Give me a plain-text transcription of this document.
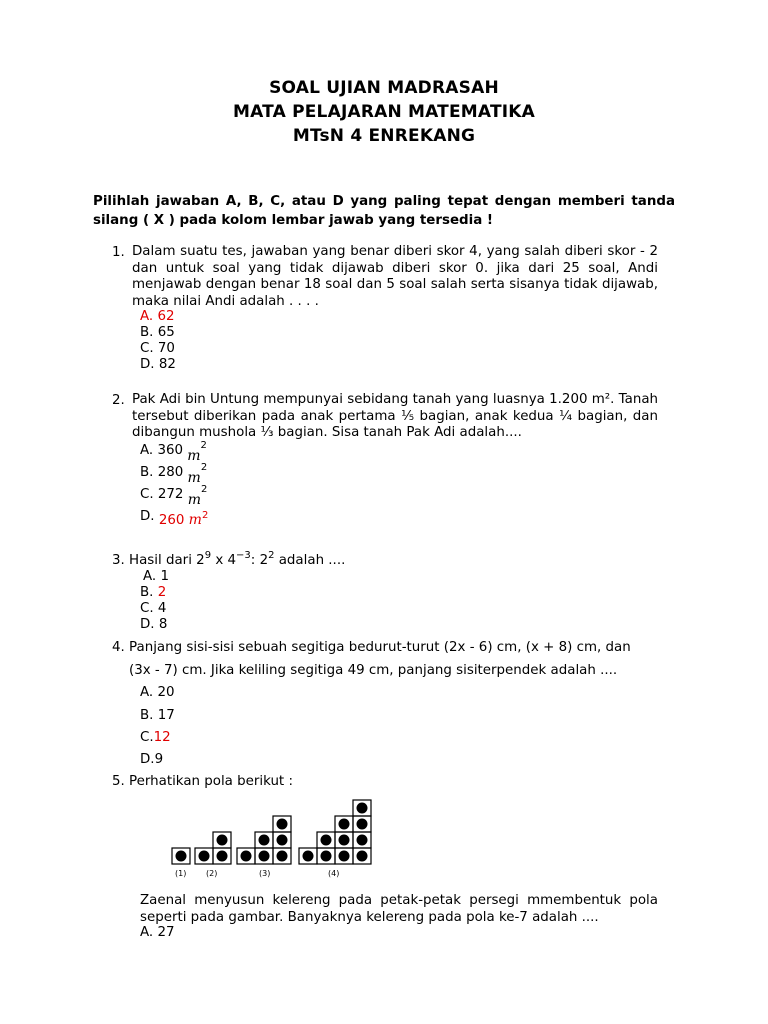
SOAL UJIAN MADRASAH
MATA PELAJARAN MATEMATIKA
MTsN 4 ENREKANG
Pilihlah jawaban A, B, C, atau D yang paling tepat dengan memberi tanda silang ( X ) pada kolom lembar jawab yang tersedia !
1. Dalam suatu tes, jawaban yang benar diberi skor 4, yang salah diberi skor - 2 dan untuk soal yang tidak dijawab diberi skor 0. jika dari 25 soal, Andi menjawab dengan benar 18 soal dan 5 soal salah serta sisanya tidak dijawab, maka nilai Andi adalah . . . .
A. 62
B. 65
C. 70
D. 82
2. Pak Adi bin Untung mempunyai sebidang tanah yang luasnya 1.200 m². Tanah tersebut diberikan pada anak pertama ⅕ bagian, anak kedua ¼ bagian, dan dibangun mushola ⅓ bagian. Sisa tanah Pak Adi adalah....
A. 360 $m^2$
B. 280 $m^2$
C. 272 $m^2$
D. 260 $m^2$
3. Hasil dari $2^9$ x $4^{-3}$: $2^2$ adalah ....
A. 1
B. 2
C. 4
D. 8
4. Panjang sisi-sisi sebuah segitiga bedurut-turut (2x - 6) cm, (x + 8) cm, dan
(3x - 7) cm. Jika keliling segitiga 49 cm, panjang sisiterpendek adalah ....
A. 20
B. 17
C.12
D.9
5. Perhatikan pola berikut :
(1) (2)	(3)	(4)
Zaenal menyusun kelereng pada petak-petak persegi mmembentuk pola seperti pada gambar. Banyaknya kelereng pada pola ke-7 adalah ....
A. 27
